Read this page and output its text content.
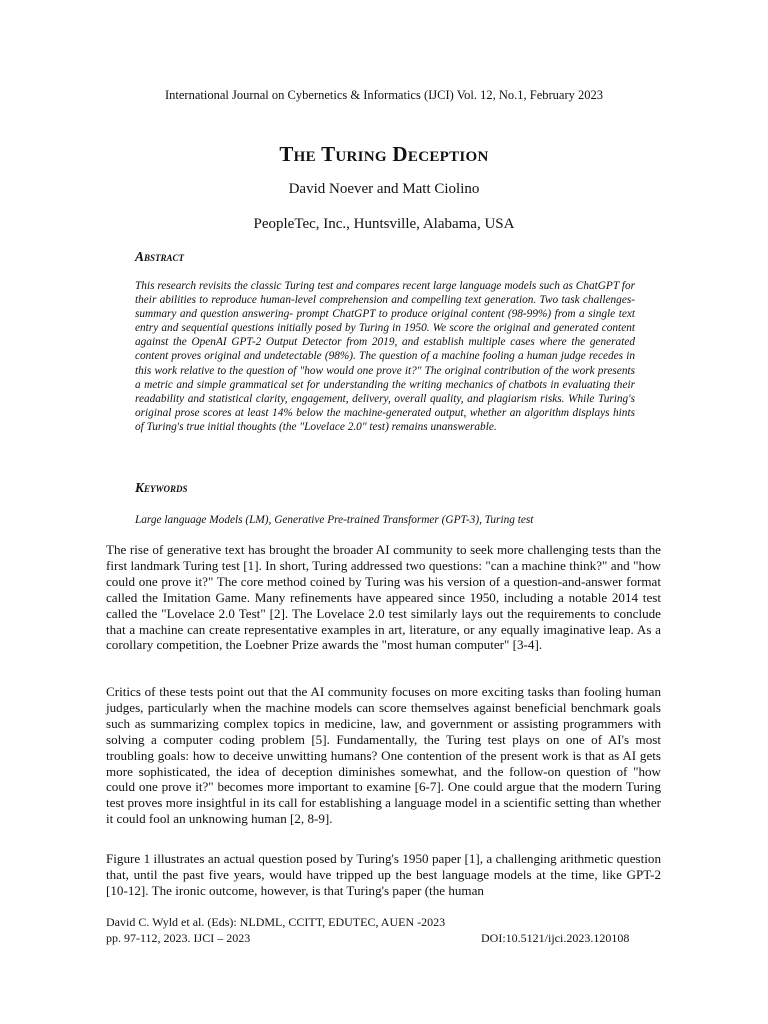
International Journal on Cybernetics & Informatics (IJCI) Vol. 12, No.1, February 2023
The Turing Deception
David Noever and Matt Ciolino
PeopleTec, Inc., Huntsville, Alabama, USA
Abstract
This research revisits the classic Turing test and compares recent large language models such as ChatGPT for their abilities to reproduce human-level comprehension and compelling text generation. Two task challenges- summary and question answering- prompt ChatGPT to produce original content (98-99%) from a single text entry and sequential questions initially posed by Turing in 1950. We score the original and generated content against the OpenAI GPT-2 Output Detector from 2019, and establish multiple cases where the generated content proves original and undetectable (98%). The question of a machine fooling a human judge recedes in this work relative to the question of "how would one prove it?" The original contribution of the work presents a metric and simple grammatical set for understanding the writing mechanics of chatbots in evaluating their readability and statistical clarity, engagement, delivery, overall quality, and plagiarism risks. While Turing's original prose scores at least 14% below the machine-generated output, whether an algorithm displays hints of Turing's true initial thoughts (the "Lovelace 2.0" test) remains unanswerable.
Keywords
Large language Models (LM), Generative Pre-trained Transformer (GPT-3), Turing test
The rise of generative text has brought the broader AI community to seek more challenging tests than the first landmark Turing test [1]. In short, Turing addressed two questions: "can a machine think?" and "how could one prove it?" The core method coined by Turing was his version of a question-and-answer format called the Imitation Game. Many refinements have appeared since 1950, including a notable 2014 test called the "Lovelace 2.0 Test" [2]. The Lovelace 2.0 test similarly lays out the requirements to conclude that a machine can create representative examples in art, literature, or any equally imaginative leap. As a corollary competition, the Loebner Prize awards the "most human computer" [3-4].
Critics of these tests point out that the AI community focuses on more exciting tasks than fooling human judges, particularly when the machine models can score themselves against beneficial benchmark goals such as summarizing complex topics in medicine, law, and government or assisting programmers with solving a computer coding problem [5]. Fundamentally, the Turing test plays on one of AI's most troubling goals: how to deceive unwitting humans? One contention of the present work is that as AI gets more sophisticated, the idea of deception diminishes somewhat, and the follow-on question of "how could one prove it?" becomes more important to examine [6-7]. One could argue that the modern Turing test proves more insightful in its call for establishing a language model in a scientific setting than whether it could fool an unknowing human [2, 8-9].
Figure 1 illustrates an actual question posed by Turing's 1950 paper [1], a challenging arithmetic question that, until the past five years, would have tripped up the best language models at the time, like GPT-2 [10-12]. The ironic outcome, however, is that Turing's paper (the human
David C. Wyld et al. (Eds): NLDML, CCITT, EDUTEC, AUEN -2023
pp. 97-112, 2023. IJCI – 2023	DOI:10.5121/ijci.2023.120108
